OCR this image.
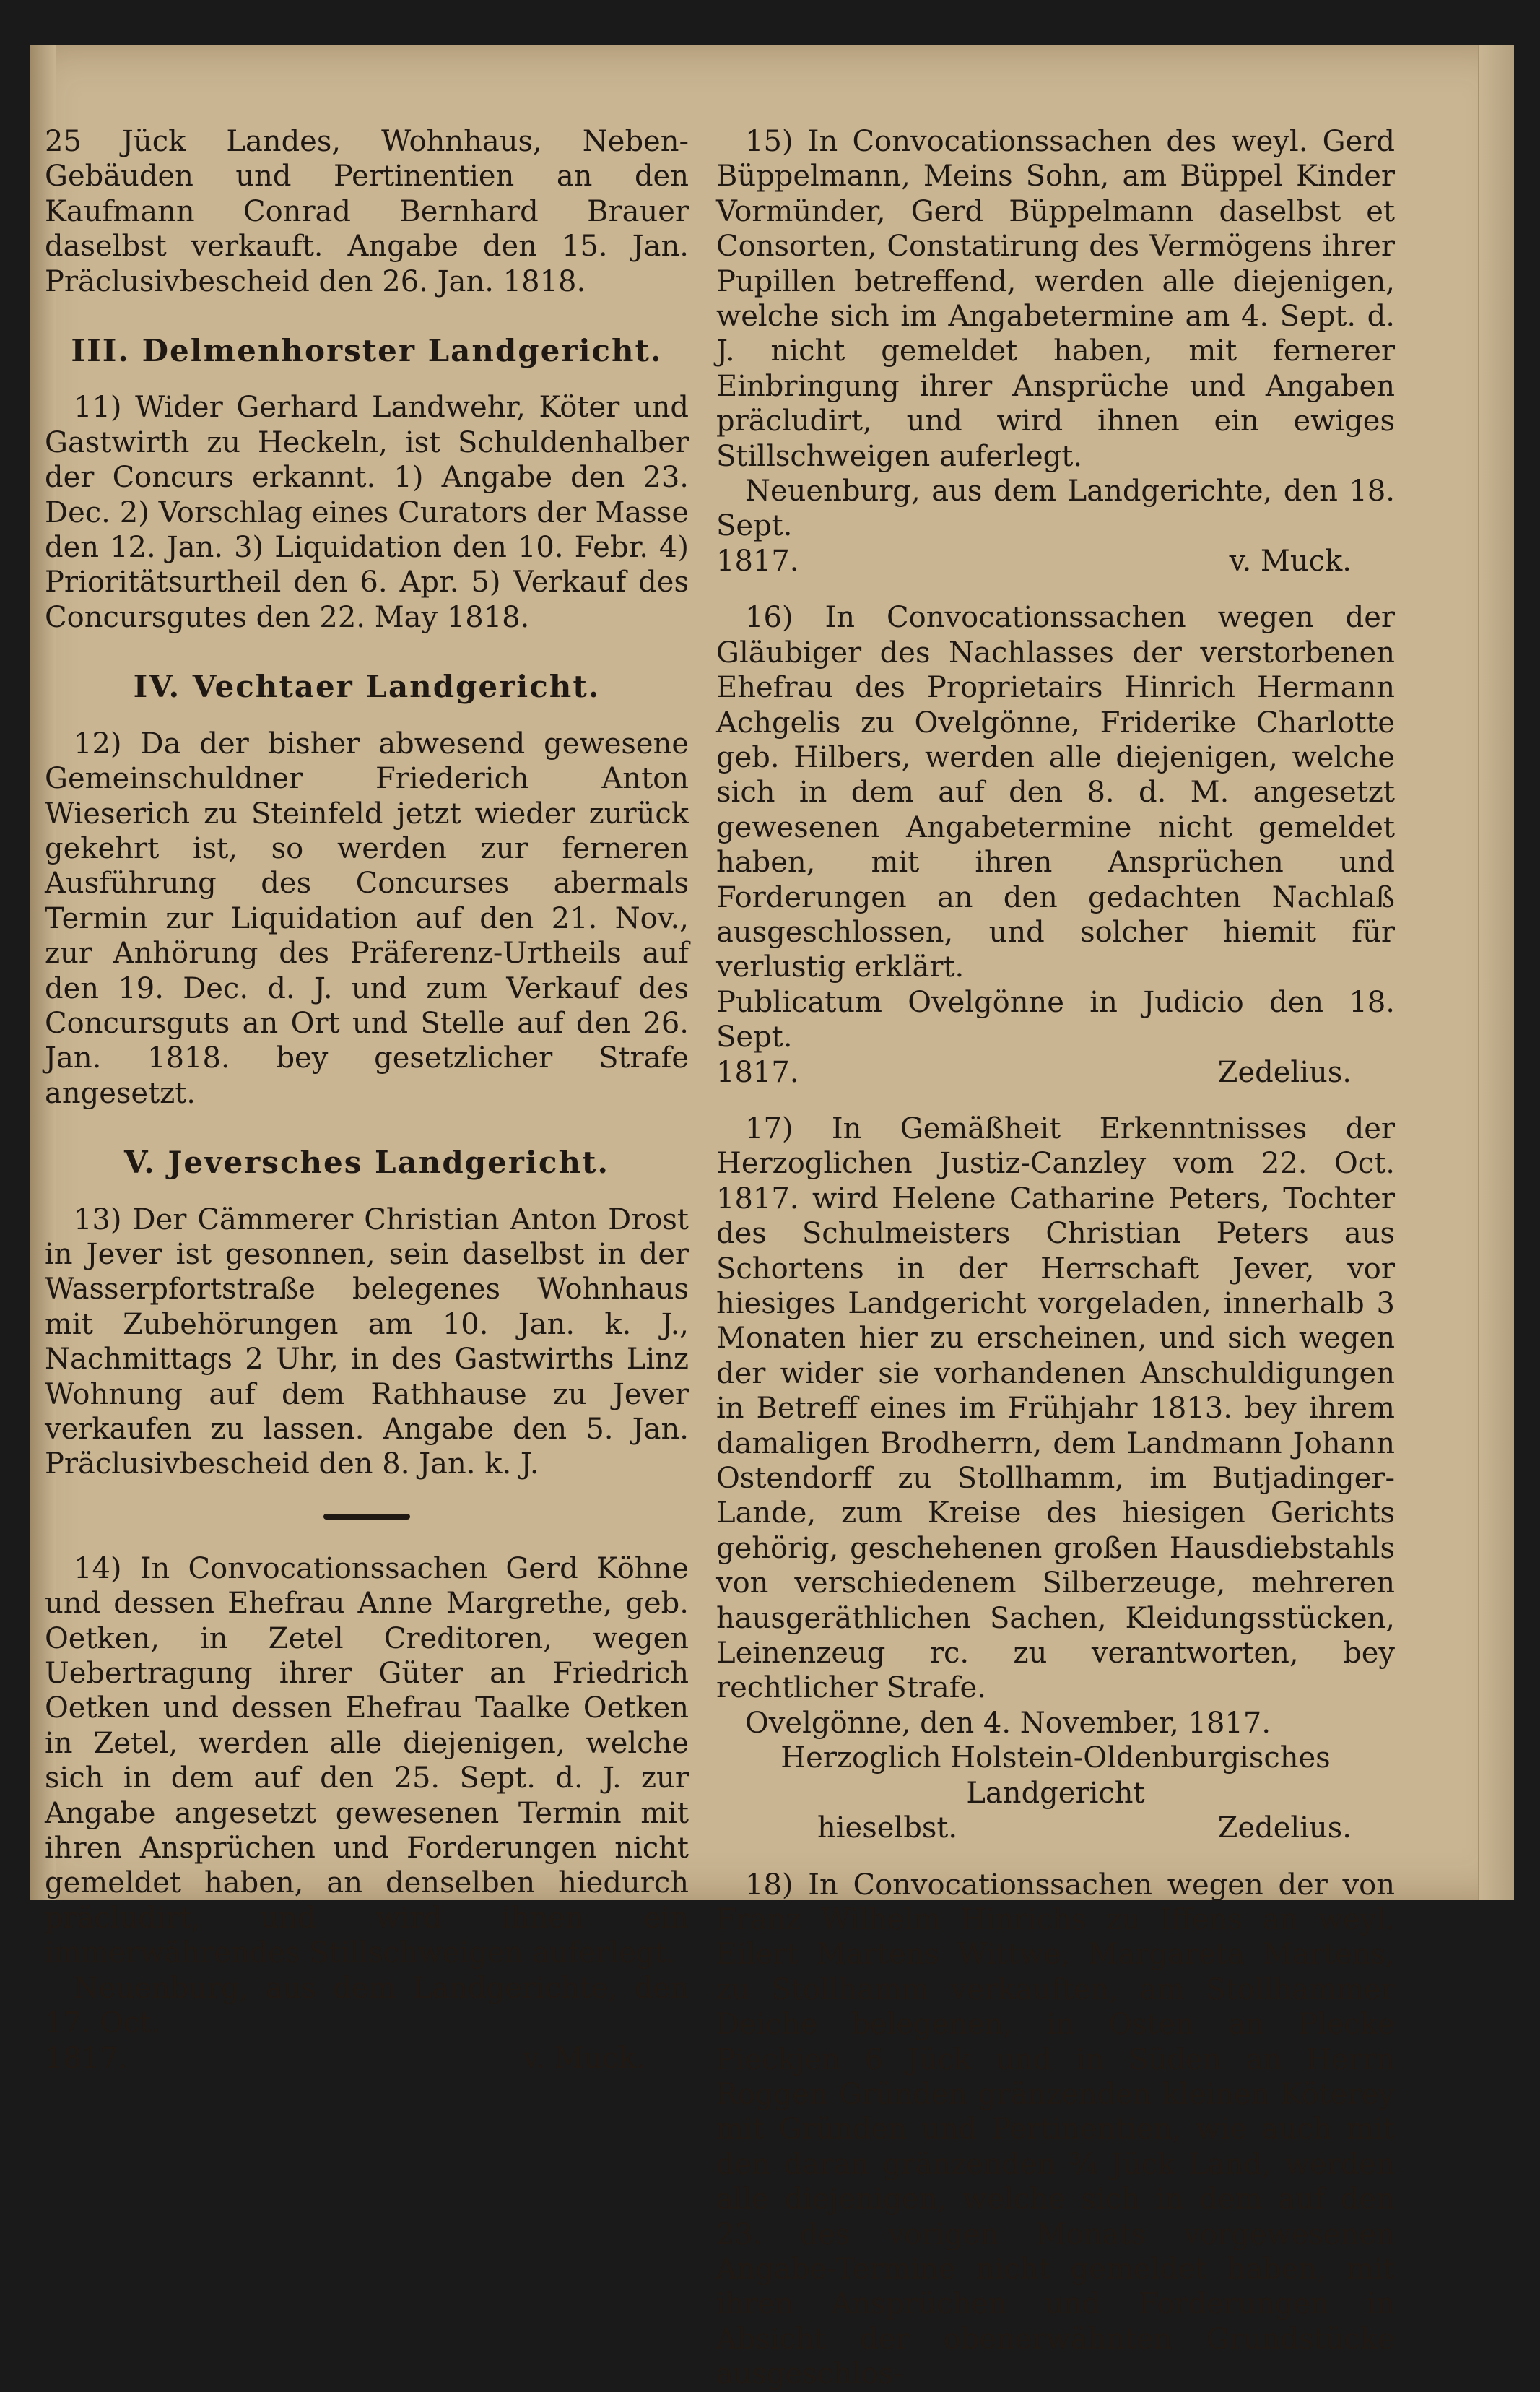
25 Jück Landes, Wohnhaus, Neben-Gebäuden und Pertinentien an den Kaufmann Conrad Bernhard Brauer daselbst verkauft. Angabe den 15. Jan. Präclusivbescheid den 26. Jan. 1818.

III. Delmenhorster Landgericht.

11) Wider Gerhard Landwehr, Köter und Gastwirth zu Heckeln, ist Schuldenhalber der Concurs erkannt. 1) Angabe den 23. Dec. 2) Vorschlag eines Curators der Masse den 12. Jan. 3) Liquidation den 10. Febr. 4) Prioritätsurtheil den 6. Apr. 5) Verkauf des Concursgutes den 22. May 1818.

IV. Vechtaer Landgericht.

12) Da der bisher abwesend gewesene Gemeinschuldner Friederich Anton Wieserich zu Steinfeld jetzt wieder zurück gekehrt ist, so werden zur ferneren Ausführung des Concurses abermals Termin zur Liquidation auf den 21. Nov., zur Anhörung des Präferenz-Urtheils auf den 19. Dec. d. J. und zum Verkauf des Concursguts an Ort und Stelle auf den 26. Jan. 1818. bey gesetzlicher Strafe angesetzt.

V. Jeversches Landgericht.

13) Der Cämmerer Christian Anton Drost in Jever ist gesonnen, sein daselbst in der Wasserpfortstraße belegenes Wohnhaus mit Zubehörungen am 10. Jan. k. J., Nachmittags 2 Uhr, in des Gastwirths Linz Wohnung auf dem Rathhause zu Jever verkaufen zu lassen. Angabe den 5. Jan. Präclusivbescheid den 8. Jan. k. J.

14) In Convocationssachen Gerd Köhne und dessen Ehefrau Anne Margrethe, geb. Oetken, in Zetel Creditoren, wegen Uebertragung ihrer Güter an Friedrich Oetken und dessen Ehefrau Taalke Oetken in Zetel, werden alle diejenigen, welche sich in dem auf den 25. Sept. d. J. zur Angabe angesetzt gewesenen Termin mit ihren Ansprüchen und Forderungen nicht gemeldet haben, an denselben hiedurch präcludirt, und wird ihnen ein immerwährendes Stillschweigen auferlegt.

Neuenburg, aus dem Landgerichte, den 17. Oct.

1817.	v. Muck.

15) In Convocationssachen des weyl. Gerd Büppelmann, Meins Sohn, am Büppel Kinder Vormünder, Gerd Büppelmann daselbst et Consorten, Constatirung des Vermögens ihrer Pupillen betreffend, werden alle diejenigen, welche sich im Angabetermine am 4. Sept. d. J. nicht gemeldet haben, mit fernerer Einbringung ihrer Ansprüche und Angaben präcludirt, und wird ihnen ein ewiges Stillschweigen auferlegt.

Neuenburg, aus dem Landgerichte, den 18. Sept.

1817.	v. Muck.

16) In Convocationssachen wegen der Gläubiger des Nachlasses der verstorbenen Ehefrau des Proprietairs Hinrich Hermann Achgelis zu Ovelgönne, Friderike Charlotte geb. Hilbers, werden alle diejenigen, welche sich in dem auf den 8. d. M. angesetzt gewesenen Angabetermine nicht gemeldet haben, mit ihren Ansprüchen und Forderungen an den gedachten Nachlaß ausgeschlossen, und solcher hiemit für verlustig erklärt.

Publicatum Ovelgönne in Judicio den 18. Sept.

1817.	Zedelius.

17) In Gemäßheit Erkenntnisses der Herzoglichen Justiz-Canzley vom 22. Oct. 1817. wird Helene Catharine Peters, Tochter des Schulmeisters Christian Peters aus Schortens in der Herrschaft Jever, vor hiesiges Landgericht vorgeladen, innerhalb 3 Monaten hier zu erscheinen, und sich wegen der wider sie vorhandenen Anschuldigungen in Betreff eines im Frühjahr 1813. bey ihrem damaligen Brodherrn, dem Landmann Johann Ostendorff zu Stollhamm, im Butjadinger-Lande, zum Kreise des hiesigen Gerichts gehörig, geschehenen großen Hausdiebstahls von verschiedenem Silberzeuge, mehreren hausgeräthlichen Sachen, Kleidungsstücken, Leinenzeug rc. zu verantworten, bey rechtlicher Strafe.

Ovelgönne, den 4. November, 1817.

Herzoglich Holstein-Oldenburgisches Landgericht

hieselbst.	Zedelius.

18) In Convocationssachen wegen der von Franz Wilhelm Hinrichs zu Iffens an weyl. Eilert Martens Wittwe, Margareta Martens, zu Stollhamm verkauften, am Stollhammer Deiche belegenen, in Osten an Plecke Pieckjen 6 Jück und in Süden an Herrn Roggen Gründen gränzenden kleinen Köterey mit Gründen und Pertinentien, wie auch mit den daran gränzenden ¾ Jück Land, werden alle diejenigen, welche sich in dem auf den 23. des vorigen Monats vorgewesenen Angabe-Termine nicht gemeldet haben, mit ihren Ansprüchen und Forderungen in Absicht der obenerwähnten Grundstücke ausgeschlos-
